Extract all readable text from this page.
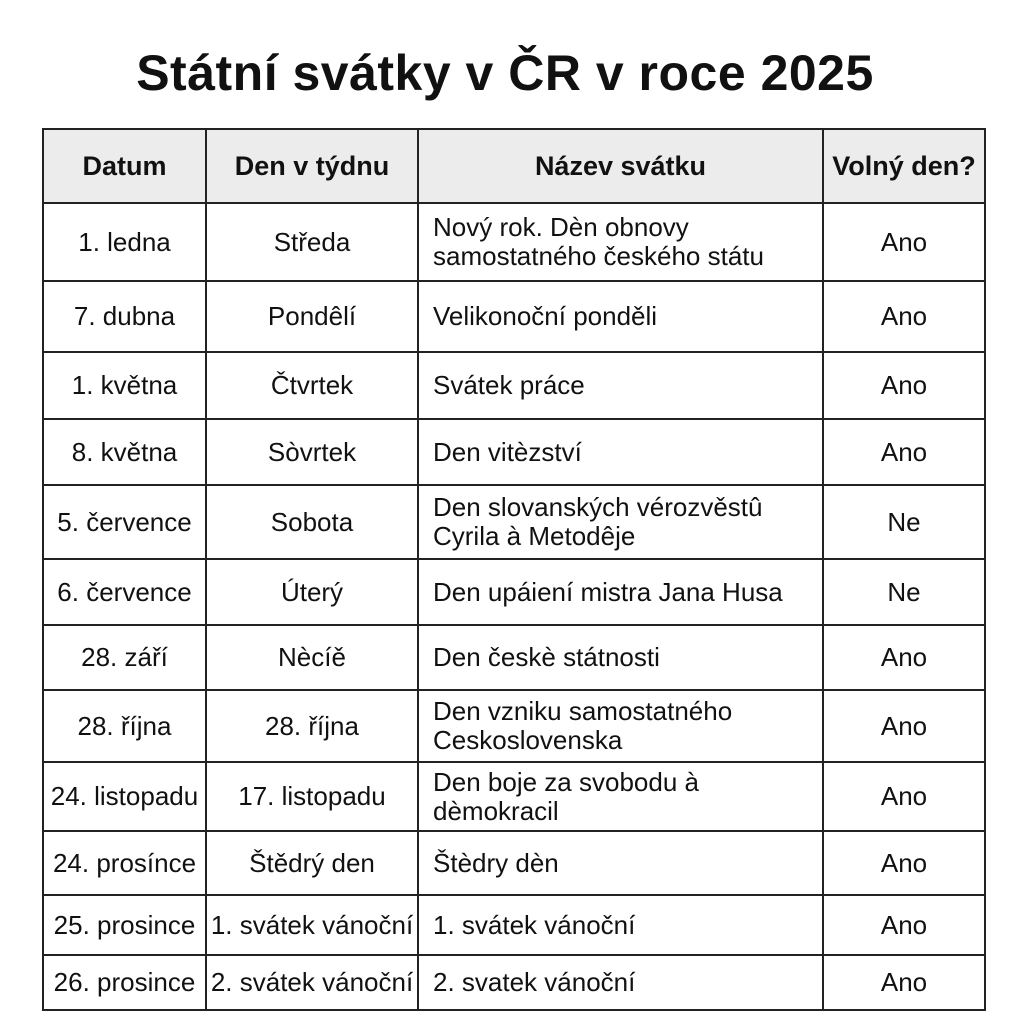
Státní svátky v ČR v roce 2025
Datum	Den v týdnu	Název svátku	Volný den?
1. ledna	Středa	Nový rok. Dèn obnovy samostatného českého státu	Ano
7. dubna	Pondêlí	Velikonoční ponděli	Ano
1. května	Čtvrtek	Svátek práce	Ano
8. května	Sòvrtek	Den vitèzství	Ano
5. července	Sobota	Den slovanských vérozvěstû Cyrila à Metodêje	Ne
6. července	Úterý	Den upáiení mistra Jana Husa	Ne
28. září	Nècíě	Den českè státnosti	Ano
28. října	28. října	Den vzniku samostatného Ceskoslovenska	Ano
24. listopadu	17. listopadu	Den boje za svobodu à dèmokracil	Ano
24. prosínce	Štědrý den	Štèdry dèn	Ano
25. prosince	1. svátek vánoční	1. svátek vánoční	Ano
26. prosince	2. svátek vánoční	2. svatek vánoční	Ano
